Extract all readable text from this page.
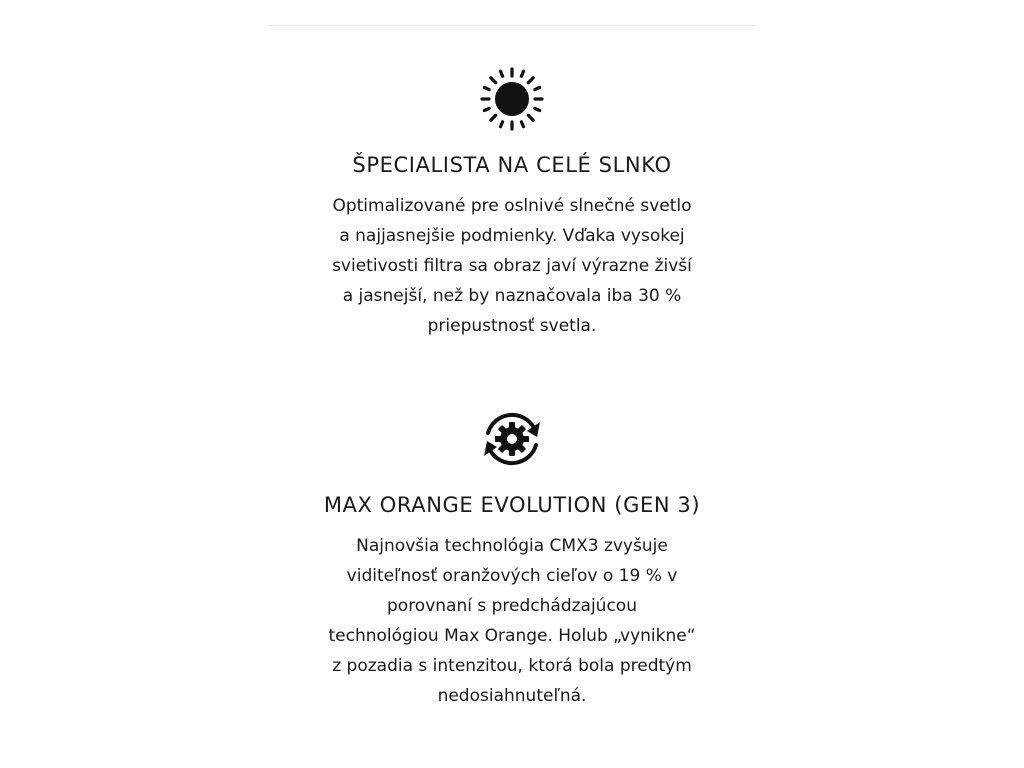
ŠPECIALISTA NA CELÉ SLNKO

Optimalizované pre oslnivé slnečné svetlo
a najjasnejšie podmienky. Vďaka vysokej
svietivosti filtra sa obraz javí výrazne živší
a jasnejší, než by naznačovala iba 30 %
priepustnosť svetla.

MAX ORANGE EVOLUTION (GEN 3)

Najnovšia technológia CMX3 zvyšuje
viditeľnosť oranžových cieľov o 19 % v
porovnaní s predchádzajúcou
technológiou Max Orange. Holub „vynikne“
z pozadia s intenzitou, ktorá bola predtým
nedosiahnuteľná.
